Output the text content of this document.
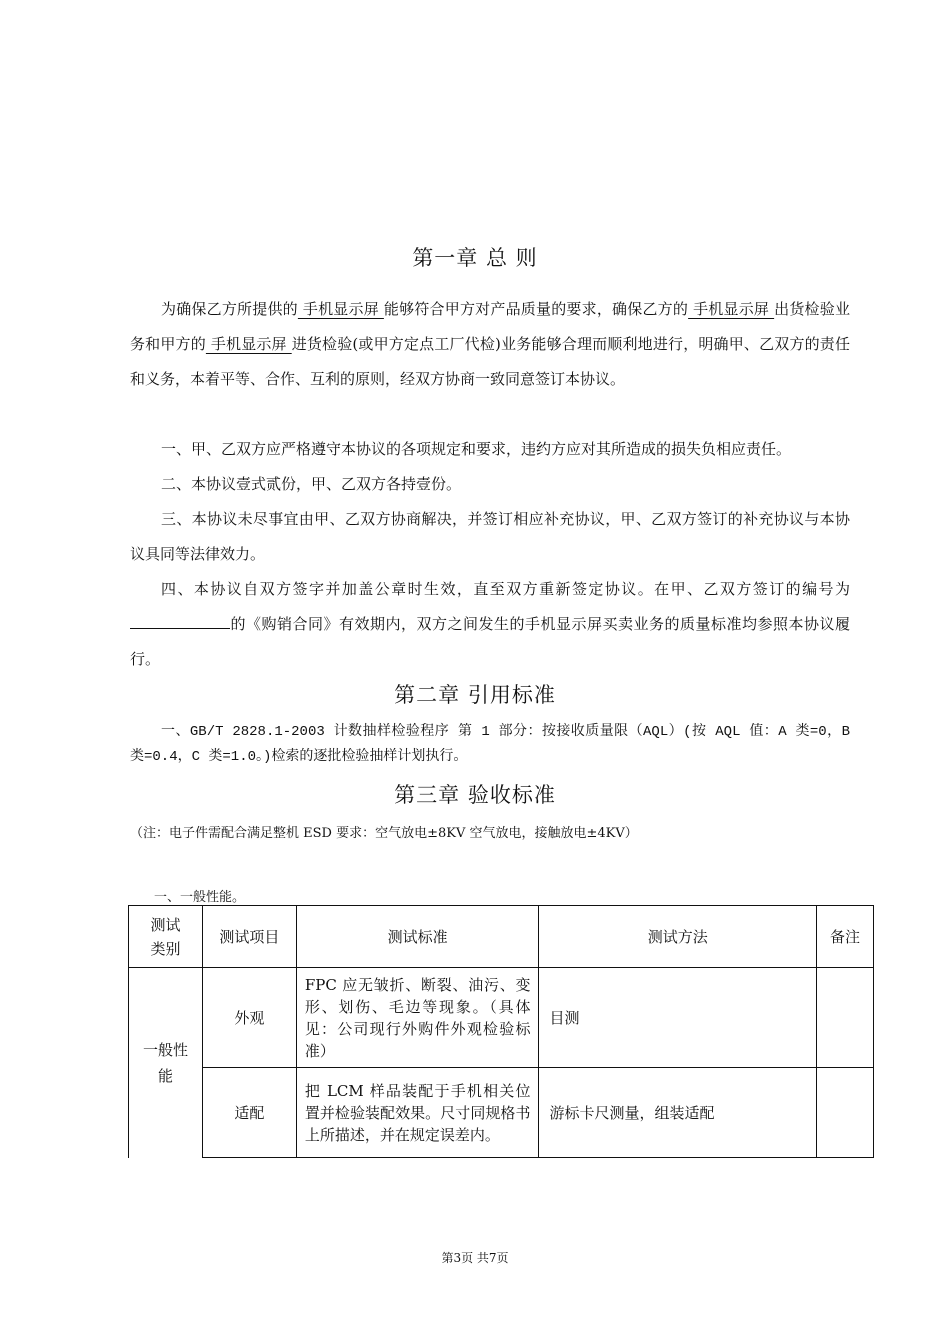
第一章 总 则

为确保乙方所提供的 手机显示屏 能够符合甲方对产品质量的要求，确保乙方的 手机显示屏 出货检验业务和甲方的 手机显示屏 进货检验(或甲方定点工厂代检)业务能够合理而顺利地进行，明确甲、乙双方的责任和义务，本着平等、合作、互利的原则，经双方协商一致同意签订本协议。

一、甲、乙双方应严格遵守本协议的各项规定和要求，违约方应对其所造成的损失负相应责任。

二、本协议壹式贰份，甲、乙双方各持壹份。

三、本协议未尽事宜由甲、乙双方协商解决，并签订相应补充协议，甲、乙双方签订的补充协议与本协议具同等法律效力。

四、本协议自双方签字并加盖公章时生效，直至双方重新签定协议。在甲、乙双方签订的编号为的《购销合同》有效期内，双方之间发生的手机显示屏买卖业务的质量标准均参照本协议履行。

第二章 引用标准

一、GB/T 2828.1-2003 计数抽样检验程序 第 1 部分：按接收质量限（AQL）(按 AQL 值：A 类=0，B 类=0.4，C 类=1.0。)检索的逐批检验抽样计划执行。

第三章 验收标准
（注：电子件需配合满足整机 ESD 要求：空气放电±8KV 空气放电，接触放电±4KV）
一、一般性能。
测试类别	测试项目	测试标准	测试方法	备注
一般性能	外观	FPC 应无皱折、断裂、油污、变形、划伤、毛边等现象。（具体见：公司现行外购件外观检验标准）	目测	
	适配	把 LCM 样品装配于手机相关位置并检验装配效果。尺寸同规格书上所描述，并在规定误差内。	游标卡尺测量，组装适配	
第3页 共7页
